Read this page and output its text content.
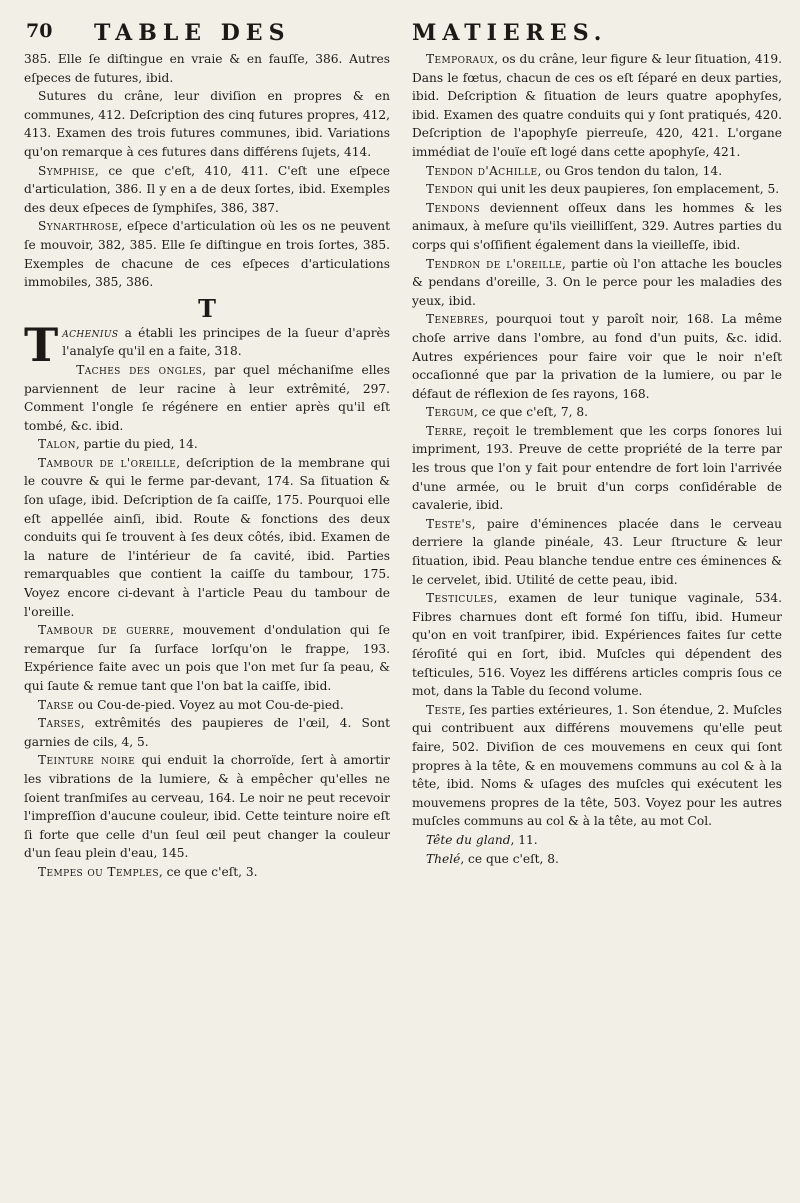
70 TABLE DES	MATIERES.

385. Elle ſe diſtingue en vraie & en fauſſe, 386. Autres eſpeces de futures, ibid.

Sutures du crâne, leur diviſion en propres & en communes, 412. Deſcription des cinq futures propres, 412, 413. Examen des trois futures communes, ibid. Variations qu'on remarque à ces futures dans différens ſujets, 414.

Symphise, ce que c'eſt, 410, 411. C'eſt une eſpece d'articulation, 386. Il y en a de deux ſortes, ibid. Exemples des deux eſpeces de ſymphiſes, 386, 387.

Synarthrose, eſpece d'articulation où les os ne peuvent ſe mouvoir, 382, 385. Elle ſe diſtingue en trois ſortes, 385. Exemples de chacune de ces eſpeces d'articulations immobiles, 385, 386.

T

Tachenius a établi les principes de la ſueur d'après l'analyſe qu'il en a faite, 318.

Taches des ongles, par quel méchaniſme elles parviennent de leur racine à leur extrêmité, 297. Comment l'ongle ſe régénere en entier après qu'il eſt tombé, &c. ibid.

Talon, partie du pied, 14.

Tambour de l'oreille, deſcription de la membrane qui le couvre & qui le ferme par-devant, 174. Sa ſituation & ſon uſage, ibid. Deſcription de ſa caiſſe, 175. Pourquoi elle eſt appellée ainſi, ibid. Route & fonctions des deux conduits qui ſe trouvent à ſes deux côtés, ibid. Examen de la nature de l'intérieur de ſa cavité, ibid. Parties remarquables que contient la caiſſe du tambour, 175. Voyez encore ci-devant à l'article Peau du tambour de l'oreille.

Tambour de guerre, mouvement d'ondulation qui ſe remarque ſur ſa ſurface lorſqu'on le frappe, 193. Expérience faite avec un pois que l'on met ſur ſa peau, & qui ſaute & remue tant que l'on bat la caiſſe, ibid.

Tarse ou Cou-de-pied. Voyez au mot Cou-de-pied.

Tarses, extrêmités des paupieres de l'œil, 4. Sont garnies de cils, 4, 5.

Teinture noire qui enduit la chorroïde, ſert à amortir les vibrations de la lumiere, & à empêcher qu'elles ne ſoient tranſmiſes au cerveau, 164. Le noir ne peut recevoir l'impreſſion d'aucune couleur, ibid. Cette teinture noire eſt ſi forte que celle d'un ſeul œil peut changer la couleur d'un ſeau plein d'eau, 145.

Tempes ou Temples, ce que c'eſt, 3.

Temporaux, os du crâne, leur figure & leur ſituation, 419. Dans le fœtus, chacun de ces os eſt ſéparé en deux parties, ibid. Deſcription & ſituation de leurs quatre apophyſes, ibid. Examen des quatre conduits qui y ſont pratiqués, 420. Deſcription de l'apophyſe pierreuſe, 420, 421. L'organe immédiat de l'ouïe eſt logé dans cette apophyſe, 421.

Tendon d'Achille, ou Gros tendon du talon, 14.

Tendon qui unit les deux paupieres, ſon emplacement, 5.

Tendons deviennent oſſeux dans les hommes & les animaux, à meſure qu'ils vieilliſſent, 329. Autres parties du corps qui s'oſſifient également dans la vieilleſſe, ibid.

Tendron de l'oreille, partie où l'on attache les boucles & pendans d'oreille, 3. On le perce pour les maladies des yeux, ibid.

Tenebres, pourquoi tout y paroît noir, 168. La même choſe arrive dans l'ombre, au fond d'un puits, &c. idid. Autres expériences pour faire voir que le noir n'eſt occaſionné que par la privation de la lumiere, ou par le défaut de réflexion de ſes rayons, 168.

Tergum, ce que c'eſt, 7, 8.

Terre, reçoit le tremblement que les corps ſonores lui impriment, 193. Preuve de cette propriété de la terre par les trous que l'on y fait pour entendre de fort loin l'arrivée d'une armée, ou le bruit d'un corps conſidérable de cavalerie, ibid.

Teste's, paire d'éminences placée dans le cerveau derriere la glande pinéale, 43. Leur ſtructure & leur ſituation, ibid. Peau blanche tendue entre ces éminences & le cervelet, ibid. Utilité de cette peau, ibid.

Testicules, examen de leur tunique vaginale, 534. Fibres charnues dont eſt formé ſon tiſſu, ibid. Humeur qu'on en voit tranſpirer, ibid. Expériences faites ſur cette ſéroſité qui en ſort, ibid. Muſcles qui dépendent des teſticules, 516. Voyez les différens articles compris ſous ce mot, dans la Table du ſecond volume.

Teste, ſes parties extérieures, 1. Son étendue, 2. Muſcles qui contribuent aux différens mouvemens qu'elle peut faire, 502. Diviſion de ces mouvemens en ceux qui ſont propres à la tête, & en mouvemens communs au col & à la tête, ibid. Noms & uſages des muſcles qui exécutent les mouvemens propres de la tête, 503. Voyez pour les autres muſcles communs au col & à la tête, au mot Col.

Tête du gland, 11.

Thelé, ce que c'eſt, 8.
